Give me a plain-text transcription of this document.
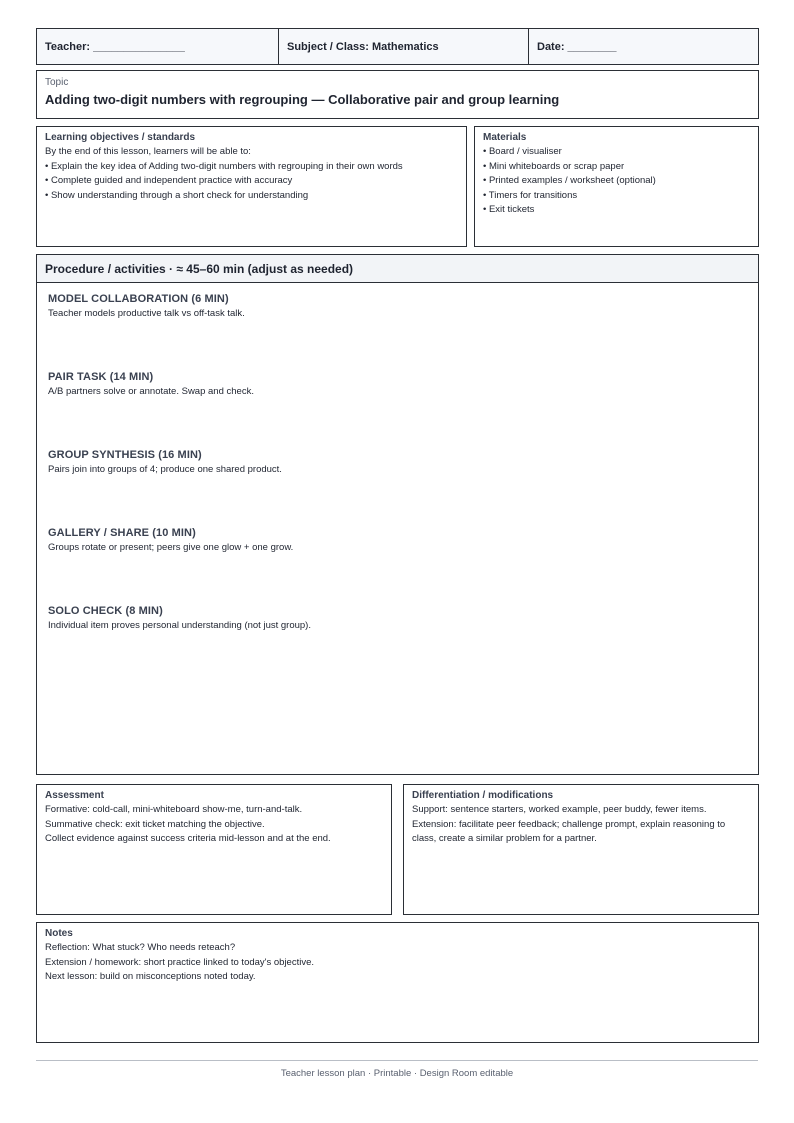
Teacher: _______________	Subject / Class: Mathematics	Date: ________
Topic
Adding two-digit numbers with regrouping — Collaborative pair and group learning
Learning objectives / standards
By the end of this lesson, learners will be able to:
• Explain the key idea of Adding two-digit numbers with regrouping in their own words
• Complete guided and independent practice with accuracy
• Show understanding through a short check for understanding
Materials
• Board / visualiser
• Mini whiteboards or scrap paper
• Printed examples / worksheet (optional)
• Timers for transitions
• Exit tickets
Procedure / activities · ≈ 45–60 min (adjust as needed)
MODEL COLLABORATION (6 MIN)
Teacher models productive talk vs off-task talk.
PAIR TASK (14 MIN)
A/B partners solve or annotate. Swap and check.
GROUP SYNTHESIS (16 MIN)
Pairs join into groups of 4; produce one shared product.
GALLERY / SHARE (10 MIN)
Groups rotate or present; peers give one glow + one grow.
SOLO CHECK (8 MIN)
Individual item proves personal understanding (not just group).
Assessment
Formative: cold-call, mini-whiteboard show-me, turn-and-talk.
Summative check: exit ticket matching the objective.
Collect evidence against success criteria mid-lesson and at the end.
Differentiation / modifications
Support: sentence starters, worked example, peer buddy, fewer items.
Extension: facilitate peer feedback; challenge prompt, explain reasoning to
class, create a similar problem for a partner.
Notes
Reflection: What stuck? Who needs reteach?
Extension / homework: short practice linked to today's objective.
Next lesson: build on misconceptions noted today.
Teacher lesson plan · Printable · Design Room editable
